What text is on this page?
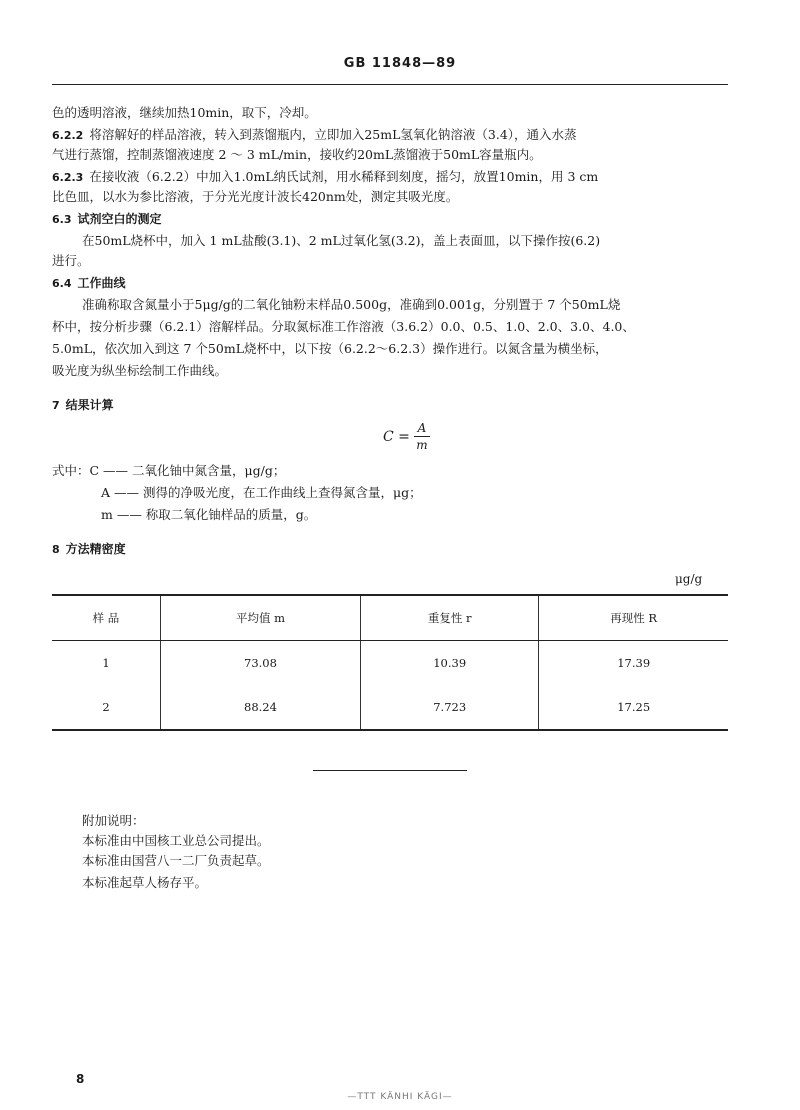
GB 11848—89
色的透明溶液，继续加热10min，取下，冷却。
6.2.2 将溶解好的样品溶液，转入到蒸馏瓶内，立即加入25mL氢氧化钠溶液（3.4），通入水蒸
气进行蒸馏，控制蒸馏液速度 2 ～ 3 mL/min，接收约20mL蒸馏液于50mL容量瓶内。
6.2.3 在接收液（6.2.2）中加入1.0mL纳氏试剂，用水稀释到刻度，摇匀，放置10min，用 3 cm
比色皿，以水为参比溶液，于分光光度计波长420nm处，测定其吸光度。
6.3 试剂空白的测定
在50mL烧杯中，加入 1 mL盐酸(3.1)、2 mL过氧化氢(3.2)，盖上表面皿，以下操作按(6.2)
进行。
6.4 工作曲线
准确称取含氮量小于5μg/g的二氧化铀粉末样品0.500g，准确到0.001g，分别置于 7 个50mL烧
杯中，按分析步骤（6.2.1）溶解样品。分取氮标准工作溶液（3.6.2）0.0、0.5、1.0、2.0、3.0、4.0、
5.0mL，依次加入到这 7 个50mL烧杯中，以下按（6.2.2～6.2.3）操作进行。以氮含量为横坐标，
吸光度为纵坐标绘制工作曲线。
7 结果计算
$C = \frac{A}{m}$
式中：C —— 二氧化铀中氮含量，μg/g；
A —— 测得的净吸光度，在工作曲线上查得氮含量，μg；
m —— 称取二氧化铀样品的质量，g。
8 方法精密度
μg/g
样 品	平均值 m	重复性 r	再现性 R
1	73.08	10.39	17.39
2	88.24	7.723	17.25
附加说明：
本标准由中国核工业总公司提出。
本标准由国营八一二厂负责起草。
本标准起草人杨存平。
8
—TTT KÄNHI KÄGI—
